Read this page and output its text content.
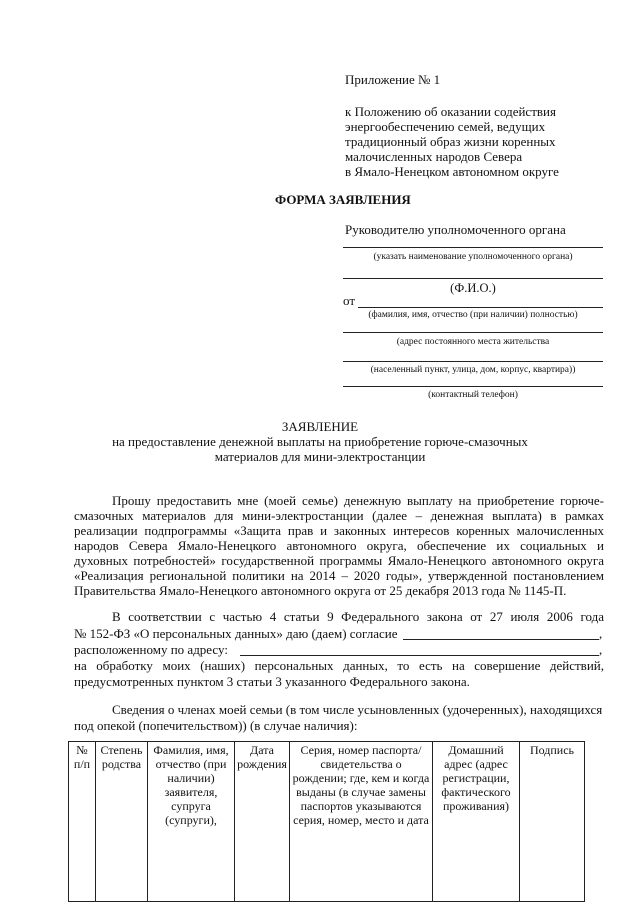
Приложение № 1
к Положению об оказании содействия
энергообеспечению семей, ведущих
традиционный образ жизни коренных
малочисленных народов Севера
в Ямало-Ненецком автономном округе
ФОРМА ЗАЯВЛЕНИЯ
Руководителю уполномоченного органа
(указать наименование уполномоченного органа)
(Ф.И.О.)
от
(фамилия, имя, отчество (при наличии) полностью)
(адрес постоянного места жительства
(населенный пункт, улица, дом, корпус, квартира))
(контактный телефон)
ЗАЯВЛЕНИЕ
на предоставление денежной выплаты на приобретение горюче-смазочных
материалов для мини-электростанции
Прошу предоставить мне (моей семье) денежную выплату на приобретение горюче-смазочных материалов для мини-электростанции (далее – денежная выплата) в рамках реализации подпрограммы «Защита прав и законных интересов коренных малочисленных народов Севера Ямало-Ненецкого автономного округа, обеспечение их социальных и духовных потребностей» государственной программы Ямало-Ненецкого автономного округа «Реализация региональной политики на 2014 – 2020 годы», утвержденной постановлением Правительства Ямало-Ненецкого автономного округа от 25 декабря 2013 года № 1145-П.
В соответствии с частью 4 статьи 9 Федерального закона от 27 июля 2006 года
№ 152-ФЗ «О персональных данных» даю (даем) согласие	,
расположенному по адресу:	,
на обработку моих (наших) персональных данных, то есть на совершение действий,
предусмотренных пунктом 3 статьи 3 указанного Федерального закона.
Сведения о членах моей семьи (в том числе усыновленных (удочеренных), находящихся
под опекой (попечительством)) (в случае наличия):
№ п/п	Степень родства	Фамилия, имя, отчество (при наличии) заявителя, супруга (супруги),	Дата рождения	Серия, номер паспорта/свидетельства о рождении; где, кем и когда выданы (в случае замены паспортов указываются серия, номер, место и дата	Домашний адрес (адрес регистрации, фактического проживания)	Подпись
